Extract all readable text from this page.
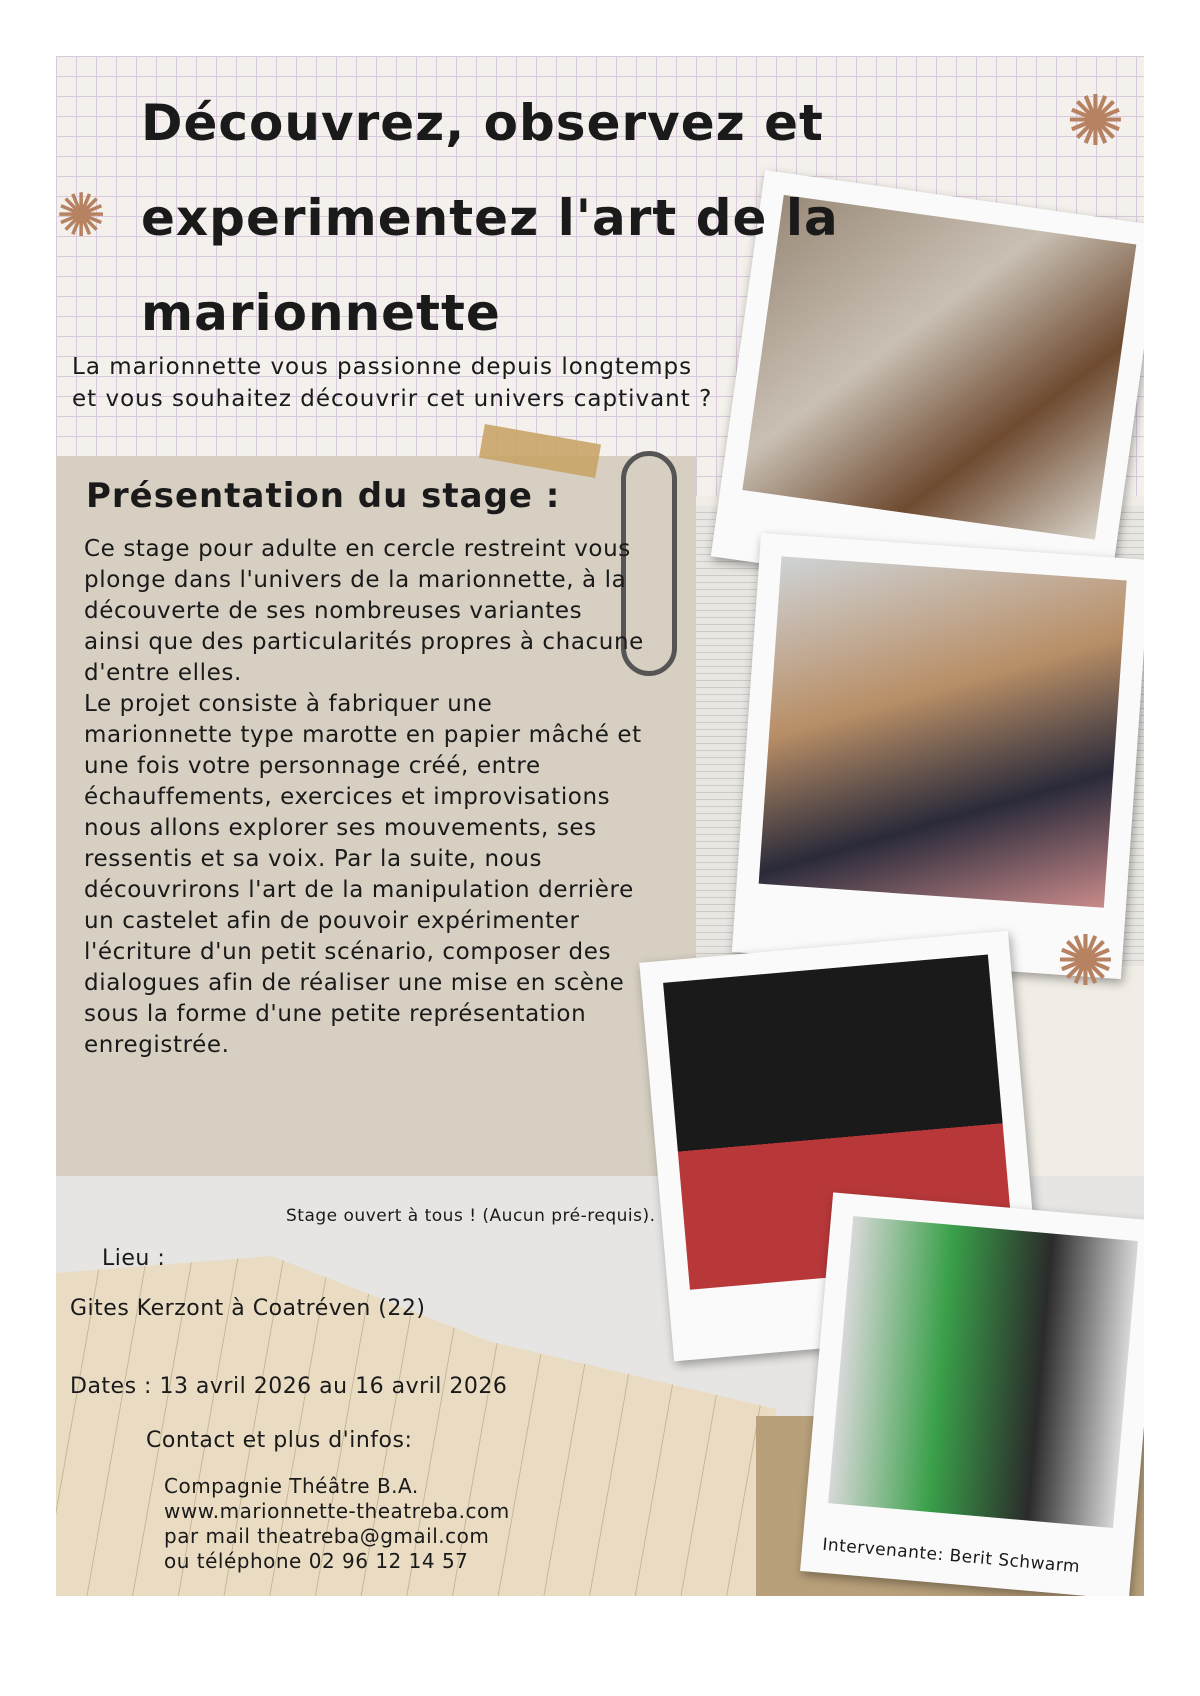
✺
✺
✺
Découvrez, observez et experimentez l'art de la marionnette
La marionnette vous passionne depuis longtemps
et vous souhaitez découvrir cet univers captivant ?
Présentation du stage :

Ce stage pour adulte en cercle restreint vous plonge dans l'univers de la marionnette, à la découverte de ses nombreuses variantes ainsi que des particularités propres à chacune d'entre elles.

Le projet consiste à fabriquer une marionnette type marotte en papier mâché et une fois votre personnage créé, entre échauffements, exercices et improvisations nous allons explorer ses mouvements, ses ressentis et sa voix. Par la suite, nous découvrirons l'art de la manipulation derrière un castelet afin de pouvoir expérimenter l'écriture d'un petit scénario, composer des dialogues afin de réaliser une mise en scène sous la forme d'une petite représentation enregistrée.

Stage ouvert à tous ! (Aucun pré-requis).
Lieu :
Gites Kerzont à Coatréven (22)
Dates : 13 avril 2026 au 16 avril 2026
Contact et plus d'infos:
Compagnie Théâtre B.A.
www.marionnette-theatreba.com
par mail theatreba@gmail.com
ou téléphone 02 96 12 14 57	Intervenante: Berit Schwarm
